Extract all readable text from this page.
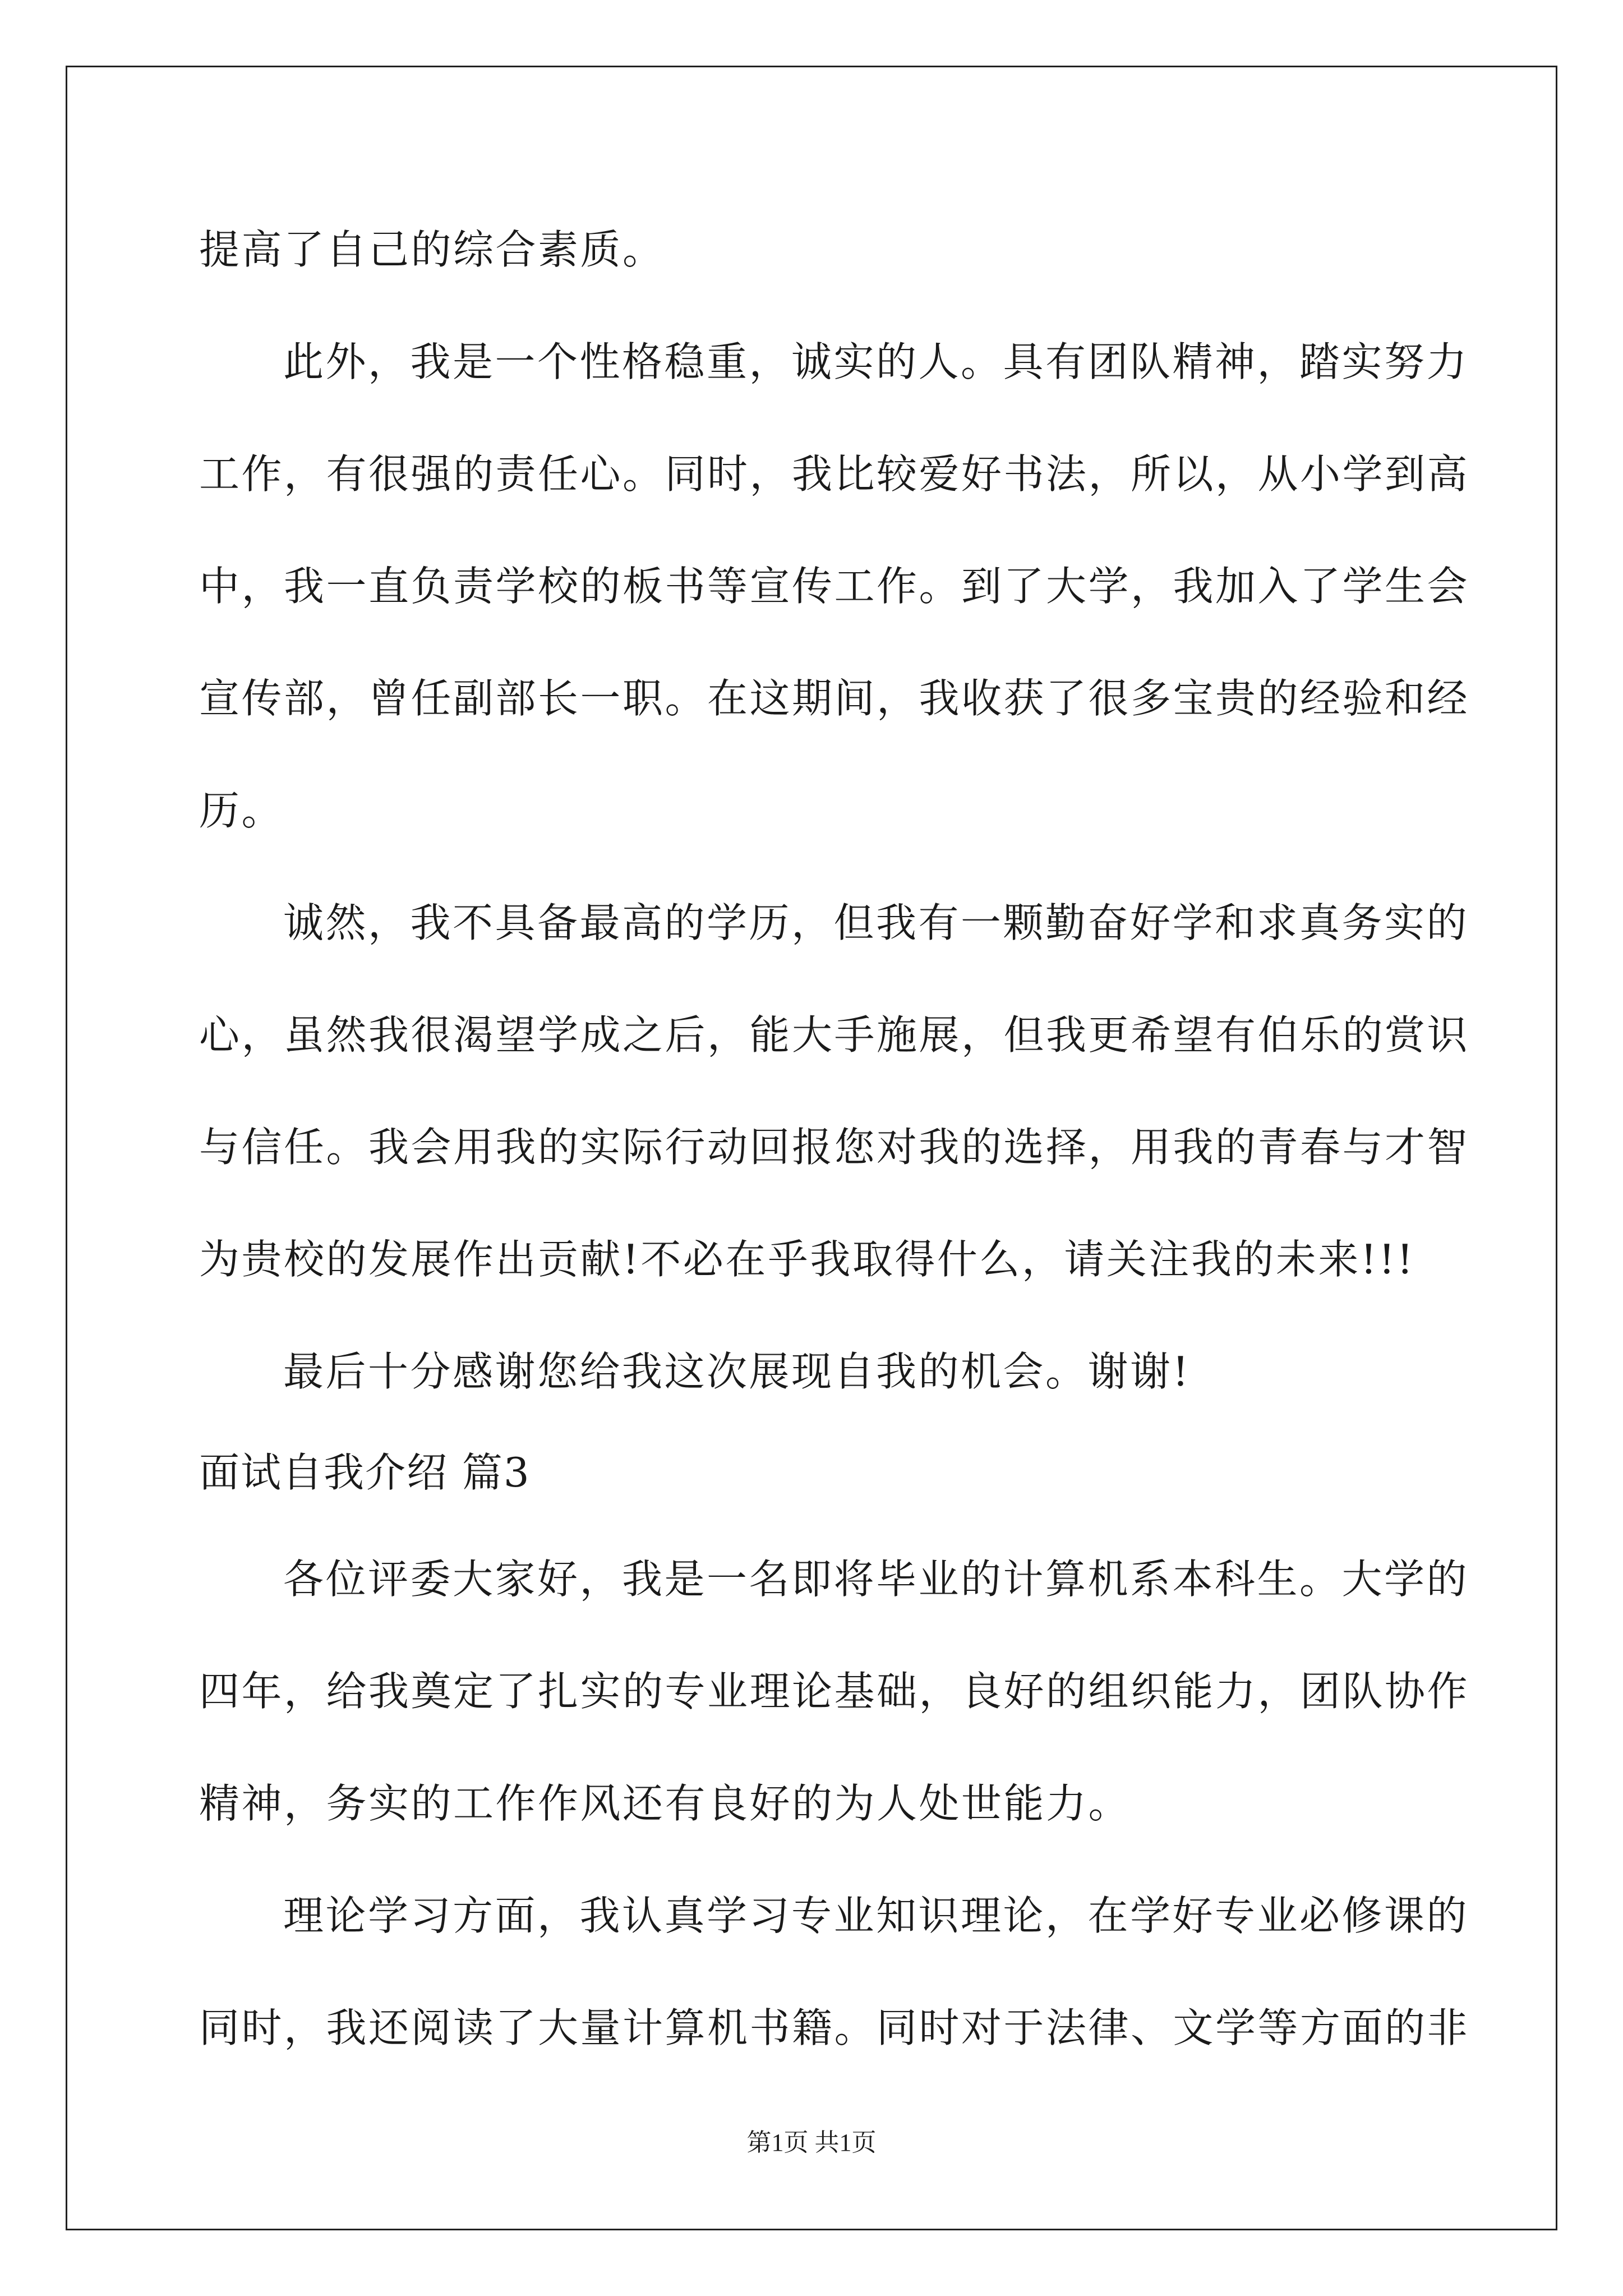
提高了自己的综合素质。
此外，我是一个性格稳重，诚实的人。具有团队精神，踏实努力
工作，有很强的责任心。同时，我比较爱好书法，所以，从小学到高
中，我一直负责学校的板书等宣传工作。到了大学，我加入了学生会
宣传部，曾任副部长一职。在这期间，我收获了很多宝贵的经验和经
历。
诚然，我不具备最高的学历，但我有一颗勤奋好学和求真务实的
心，虽然我很渴望学成之后，能大手施展，但我更希望有伯乐的赏识
与信任。我会用我的实际行动回报您对我的选择，用我的青春与才智
为贵校的发展作出贡献!不必在乎我取得什么，请关注我的未来!!!
最后十分感谢您给我这次展现自我的机会。谢谢!
面试自我介绍 篇3
各位评委大家好，我是一名即将毕业的计算机系本科生。大学的
四年，给我奠定了扎实的专业理论基础，良好的组织能力，团队协作
精神，务实的工作作风还有良好的为人处世能力。
理论学习方面，我认真学习专业知识理论，在学好专业必修课的
同时，我还阅读了大量计算机书籍。同时对于法律、文学等方面的非
第1页 共1页
